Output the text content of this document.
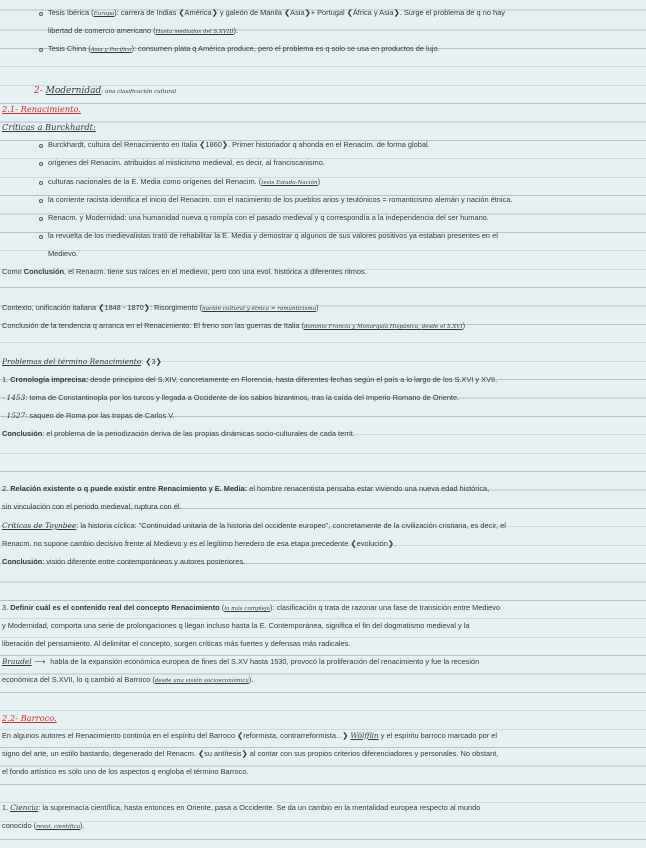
Tesis Ibérica (Europa): carrera de Indias ❮América❯ y galeón de Manila ❮Asia❯+ Portugal ❮África y Asia❯. Surge el problema de q no hay
libertad de comercio americano (Hasta mediados del S.XVIII).
Tesis China (Asia y Pacífico): consumen plata q América produce, pero el problema es q solo se usa en productos de lujo.
2- Modernidad: una clasificación cultural
2.1- Renacimiento.
Críticas a Burckhardt:
Burckhardt, cultura del Renacimiento en Italia ❮1860❯. Primer historiador q ahonda en el Renacim. de forma global.
orígenes del Renacim. atribuidos al misticismo medieval, es decir, al franciscanismo.
culturas nacionales de la E. Media como orígenes del Renacim. (tesis Estado-Nación)
la corriente racista identifica el inicio del Renacim. con el nacimiento de los pueblos arios y teutónicos = romanticismo alemán y nación étnica.
Renacm. y Modernidad: una humanidad nueva q rompía con el pasado medieval y q correspondía a la independencia del ser humano.
la revuelta de los medievalistas trató de rehabilitar la E. Media y demostrar q algunos de sus valores positivos ya estaban presentes en el
Medievo.
Como Conclusión, el Renacm. tiene sus raíces en el medievo, pero con una evol. histórica a diferentes ritmos.
Contexto, unificación italiana ❮1848 - 1870❯: Risorgimento (nación cultural y étnica = romanticismo)
Conclusión de la tendencia q arranca en el Renacimiento. El freno son las guerras de Italia (dominio Francia y Monarquía Hispánica, desde el S.XVI)
Problemas del término Renacimiento: ❮3❯
1. Cronología imprecisa: desde principios del S.XIV, concretamente en Florencia, hasta diferentes fechas según el país a lo largo de los S.XVI y XVII.
· 1453: toma de Constantinopla por los turcos y llegada a Occidente de los sabios bizantinos, tras la caída del Imperio Romano de Oriente.
· 1527: saqueo de Roma por las tropas de Carlos V.
Conclusión: el problema de la periodización deriva de las propias dinámicas socio-culturales de cada territ.
2. Relación existente o q puede existir entre Renacimiento y E. Media: el hombre renacentista pensaba estar viviendo una nueva edad histórica,
sin vinculación con el periodo medieval, ruptura con él.
Críticas de Toynbee: la historia cíclica: "Continuidad unitaria de la historia del occidente europeo", concretamente de la civilización cristiana, es decir, el
Renacm. no supone cambio decisivo frente al Medievo y es el legítimo heredero de esa etapa precedente ❮evolución❯.
Conclusión: visión diferente entre contemporáneos y autores posteriores.
3. Definir cuál es el contenido real del concepto Renacimiento (lo más complejo): clasificación q trata de razonar una fase de transición entre Medievo
y Modernidad, comporta una serie de prolongaciones q llegan incluso hasta la E. Contemporánea, significa el fin del dogmatismo medieval y la
liberación del pensamiento. Al delimitar el concepto, surgen críticas más fuertes y defensas más radicales.
Braudel ⟶ habla de la expansión económica europea de fines del S.XV hasta 1530, provocó la proliferación del renacimiento y fue la recesión
económica del S.XVII, lo q cambió al Barroco (desde una visión socioeconómica).
2.2- Barroco.
En algunos autores el Renacimiento continúa en el espíritu del Barroco ❮reformista, contrarreformista...❯ Wölfflin y el espíritu barroco marcado por el
signo del arte, un estilo bastardo, degenerado del Renacm. ❮su antítesis❯ al contar con sus propios criterios diferenciadores y personales. No obstant,
el fondo artístico es solo uno de los aspectos q engloba el término Barroco.
1. Ciencia: la supremacía científica, hasta entonces en Oriente, pasa a Occidente. Se da un cambio en la mentalidad europea respecto al mundo
conocido (revol. científica).
